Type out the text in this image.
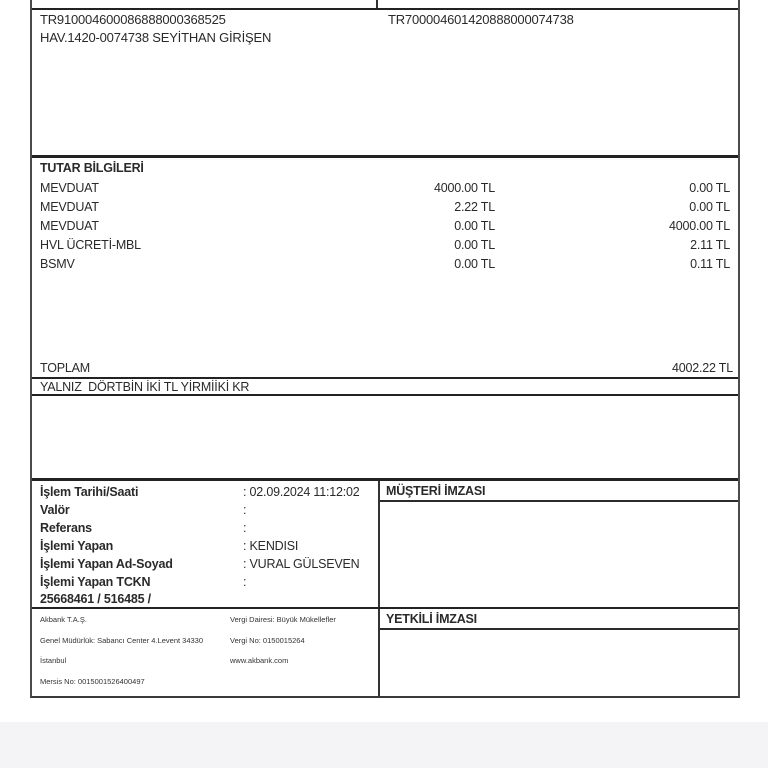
TR910004600086888000368525	TR700004601420888000074738
HAV.1420-0074738 SEYİTHAN GİRİŞEN
TUTAR BİLGİLERİ
MEVDUAT	4000.00 TL	0.00 TL
MEVDUAT	2.22 TL	0.00 TL
MEVDUAT	0.00 TL	4000.00 TL
HVL ÜCRETİ-MBL	0.00 TL	2.11 TL
BSMV	0.00 TL	0.11 TL
TOPLAM	4002.22 TL
YALNIZ  DÖRTBİN İKİ TL YİRMİİKİ KR
İşlem Tarihi/Saati	: 02.09.2024 11:12:02
Valör	:
Referans	:
İşlemi Yapan	: KENDISI
İşlemi Yapan Ad-Soyad	: VURAL GÜLSEVEN
İşlemi Yapan TCKN	:
25668461 / 516485 /
MÜŞTERİ İMZASI
YETKİLİ İMZASI
Akbank T.A.Ş.
Genel Müdürlük: Sabancı Center 4.Levent 34330
İstanbul
Mersis No: 0015001526400497
Vergi Dairesi: Büyük Mükellefler
Vergi No: 0150015264
www.akbank.com
